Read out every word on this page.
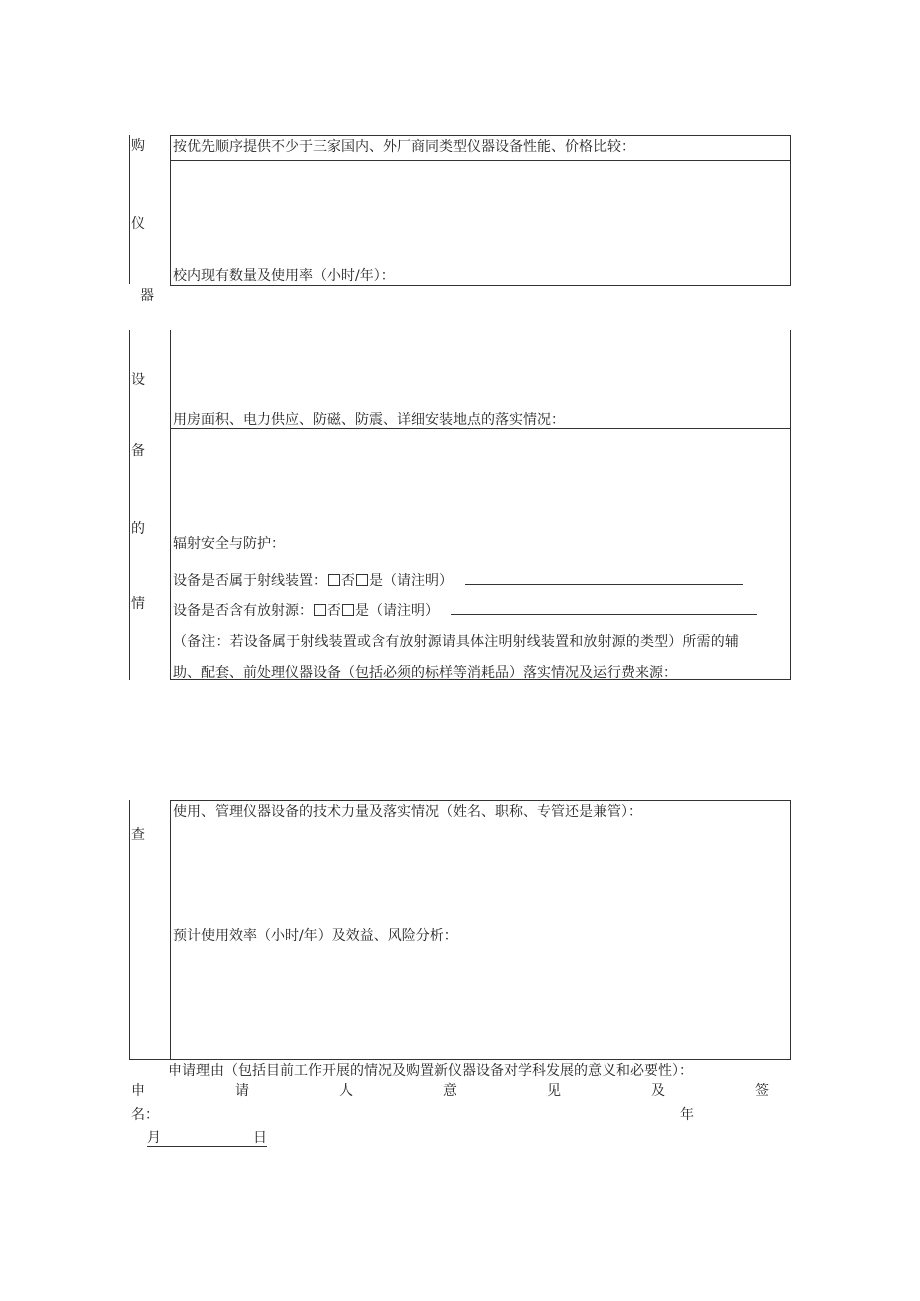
购
仪
器
按优先顺序提供不少于三家国内、外厂商同类型仪器设备性能、价格比较：
校内现有数量及使用率（小时/年）：
设
备
的
情
用房面积、电力供应、防磁、防震、详细安装地点的落实情况：
辐射安全与防护：
设备是否属于射线装置： 否 是（请注明）
设备是否含有放射源： 否 是（请注明）
（备注：若设备属于射线装置或含有放射源请具体注明射线装置和放射源的类型）所需的辅
助、配套、前处理仪器设备（包括必须的标样等消耗品）落实情况及运行费来源：
查
使用、管理仪器设备的技术力量及落实情况（姓名、职称、专管还是兼管）：
预计使用效率（小时/年）及效益、风险分析：
申请理由（包括目前工作开展的情况及购置新仪器设备对学科发展的意义和必要性）：
申	请	人	意	见	及	签
名：	年
月	日
